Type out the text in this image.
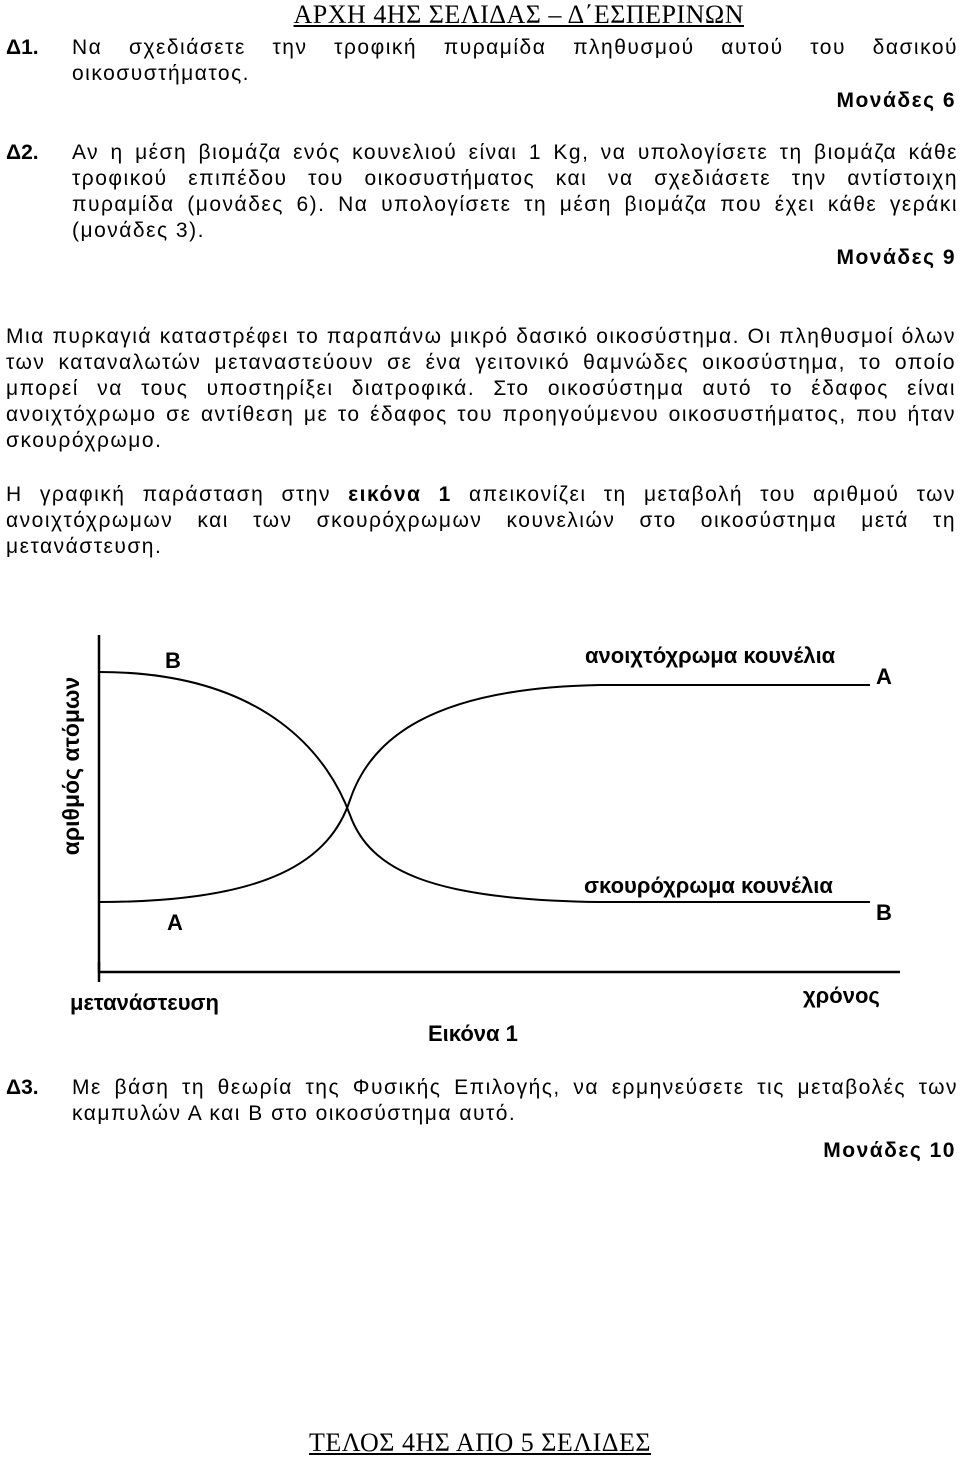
ΑΡΧΗ 4ΗΣ ΣΕΛΙΔΑΣ – Δ΄ΕΣΠΕΡΙΝΩΝ
Δ1. Να σχεδιάσετε την τροφική πυραμίδα πληθυσμού αυτού του δασικού οικοσυστήματος.
Μονάδες 6
Δ2. Αν η μέση βιομάζα ενός κουνελιού είναι 1 Kg, να υπολογίσετε τη βιομάζα κάθε τροφικού επιπέδου του οικοσυστήματος και να σχεδιάσετε την αντίστοιχη πυραμίδα (μονάδες 6). Να υπολογίσετε τη μέση βιομάζα που έχει κάθε γεράκι (μονάδες 3).
Μονάδες 9
Μια πυρκαγιά καταστρέφει το παραπάνω μικρό δασικό οικοσύστημα. Οι πληθυσμοί όλων των καταναλωτών μεταναστεύουν σε ένα γειτονικό θαμνώδες οικοσύστημα, το οποίο μπορεί να τους υποστηρίξει διατροφικά. Στο οικοσύστημα αυτό το έδαφος είναι ανοιχτόχρωμο σε αντίθεση με το έδαφος του προηγούμενου οικοσυστήματος, που ήταν σκουρόχρωμο.
Η γραφική παράσταση στην εικόνα 1 απεικονίζει τη μεταβολή του αριθμού των ανοιχτόχρωμων και των σκουρόχρωμων κουνελιών στο οικοσύστημα μετά τη μετανάστευση.
Β
Α
ανοιχτόχρωμα κουνέλια
Α
σκουρόχρωμα κουνέλια
Β
αριθμός ατόμων
μετανάστευση	χρόνος
Εικόνα 1
Δ3. Με βάση τη θεωρία της Φυσικής Επιλογής, να ερμηνεύσετε τις μεταβολές των καμπυλών Α και Β στο οικοσύστημα αυτό.
Μονάδες 10
ΤΕΛΟΣ 4ΗΣ ΑΠΟ 5 ΣΕΛΙΔΕΣ
